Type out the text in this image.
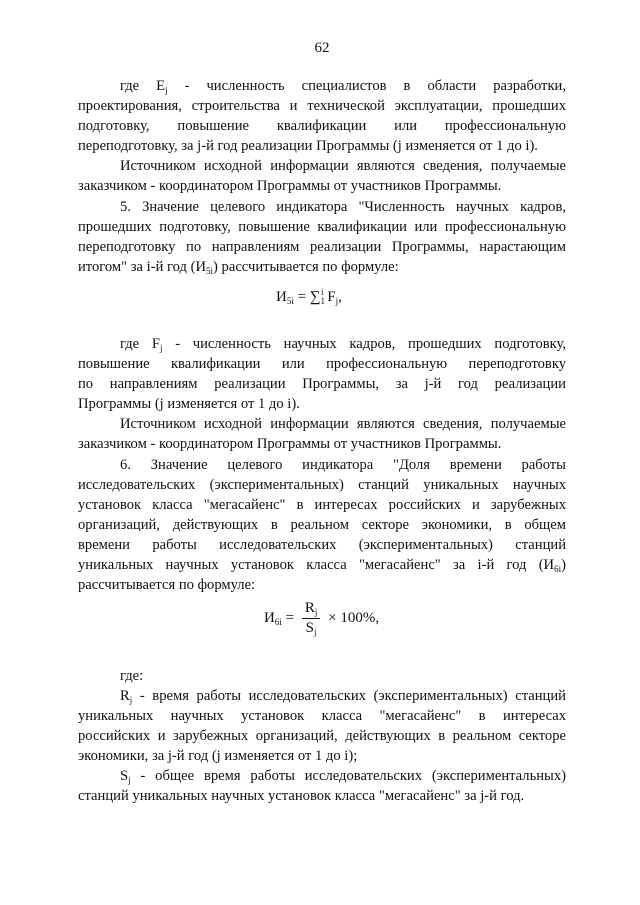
62
где $E_j$ - численность специалистов в области разработки,
проектирования, строительства и технической эксплуатации, прошедших
подготовку, повышение квалификации или профессиональную
переподготовку, за j-й год реализации Программы (j изменяется от 1 до i).
Источником исходной информации являются сведения, получаемые
заказчиком - координатором Программы от участников Программы.
5. Значение целевого индикатора "Численность научных кадров,
прошедших подготовку, повышение квалификации или профессиональную
переподготовку по направлениям реализации Программы, нарастающим
итогом" за i-й год $(И_{5i})$ рассчитывается по формуле:
$И_{5i} = \sum_1^i$ $F_j$,
где $F_j$ - численность научных кадров, прошедших подготовку,
повышение квалификации или профессиональную переподготовку
по направлениям реализации Программы, за j-й год реализации
Программы (j изменяется от 1 до i).
Источником исходной информации являются сведения, получаемые
заказчиком - координатором Программы от участников Программы.
6. Значение целевого индикатора "Доля времени работы
исследовательских (экспериментальных) станций уникальных научных
установок класса "мегасайенс" в интересах российских и зарубежных
организаций, действующих в реальном секторе экономики, в общем
времени работы исследовательских (экспериментальных) станций
уникальных научных установок класса "мегасайенс" за i-й год $(И_{6i})$
рассчитывается по формуле:
$И_{6i} = \frac{R_j}{S_j} \times 100\%$,
где:
$R_j$ - время работы исследовательских (экспериментальных) станций
уникальных научных установок класса "мегасайенс" в интересах
российских и зарубежных организаций, действующих в реальном секторе
экономики, за j-й год (j изменяется от 1 до i);
$S_j$ - общее время работы исследовательских (экспериментальных)
станций уникальных научных установок класса "мегасайенс" за j-й год.
